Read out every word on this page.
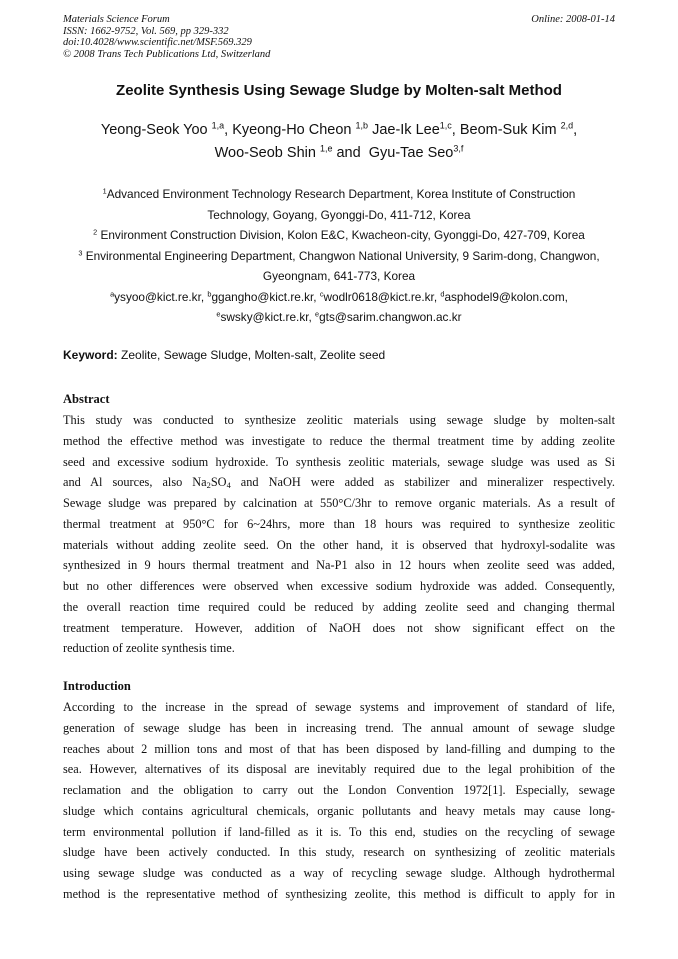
Materials Science Forum
ISSN: 1662-9752, Vol. 569, pp 329-332
doi:10.4028/www.scientific.net/MSF.569.329
© 2008 Trans Tech Publications Ltd, Switzerland
Online: 2008-01-14
Zeolite Synthesis Using Sewage Sludge by Molten-salt Method
Yeong-Seok Yoo $^{1,a}$, Kyeong-Ho Cheon $^{1,b}$ Jae-Ik Lee$^{1,c}$, Beom-Suk Kim $^{2,d}$,
Woo-Seob Shin $^{1,e}$ and  Gyu-Tae Seo$^{3,f}$
$^1$Advanced Environment Technology Research Department, Korea Institute of Construction
Technology, Goyang, Gyonggi-Do, 411-712, Korea
$^2$ Environment Construction Division, Kolon E&C, Kwacheon-city, Gyonggi-Do, 427-709, Korea
$^3$ Environmental Engineering Department, Changwon National University, 9 Sarim-dong, Changwon,
Gyeongnam, 641-773, Korea
$^a$ysyoo@kict.re.kr, $^b$ggangho@kict.re.kr, $^c$wodlr0618@kict.re.kr, $^d$asphodel9@kolon.com,
$^e$swsky@kict.re.kr, $^e$gts@sarim.changwon.ac.kr
Keyword: Zeolite, Sewage Sludge, Molten-salt, Zeolite seed
Abstract
This study was conducted to synthesize zeolitic materials using sewage sludge by molten-salt
method the effective method was investigate to reduce the thermal treatment time by adding zeolite
seed and excessive sodium hydroxide. To synthesis zeolitic materials, sewage sludge was used as Si
and Al sources, also $Na_2SO_4$ and NaOH were added as stabilizer and mineralizer respectively.
Sewage sludge was prepared by calcination at 550°C/3hr to remove organic materials. As a result of
thermal treatment at 950°C for 6~24hrs, more than 18 hours was required to synthesize zeolitic
materials without adding zeolite seed. On the other hand, it is observed that hydroxyl-sodalite was
synthesized in 9 hours thermal treatment and Na-P1 also in 12 hours when zeolite seed was added,
but no other differences were observed when excessive sodium hydroxide was added. Consequently,
the overall reaction time required could be reduced by adding zeolite seed and changing thermal
treatment temperature. However, addition of NaOH does not show significant effect on the
reduction of zeolite synthesis time.
Introduction
According to the increase in the spread of sewage systems and improvement of standard of life,
generation of sewage sludge has been in increasing trend. The annual amount of sewage sludge
reaches about 2 million tons and most of that has been disposed by land-filling and dumping to the
sea. However, alternatives of its disposal are inevitably required due to the legal prohibition of the
reclamation and the obligation to carry out the London Convention 1972[1]. Especially, sewage
sludge which contains agricultural chemicals, organic pollutants and heavy metals may cause long-
term environmental pollution if land-filled as it is. To this end, studies on the recycling of sewage
sludge have been actively conducted. In this study, research on synthesizing of zeolitic materials
using sewage sludge was conducted as a way of recycling sewage sludge. Although hydrothermal
method is the representative method of synthesizing zeolite, this method is difficult to apply for in
